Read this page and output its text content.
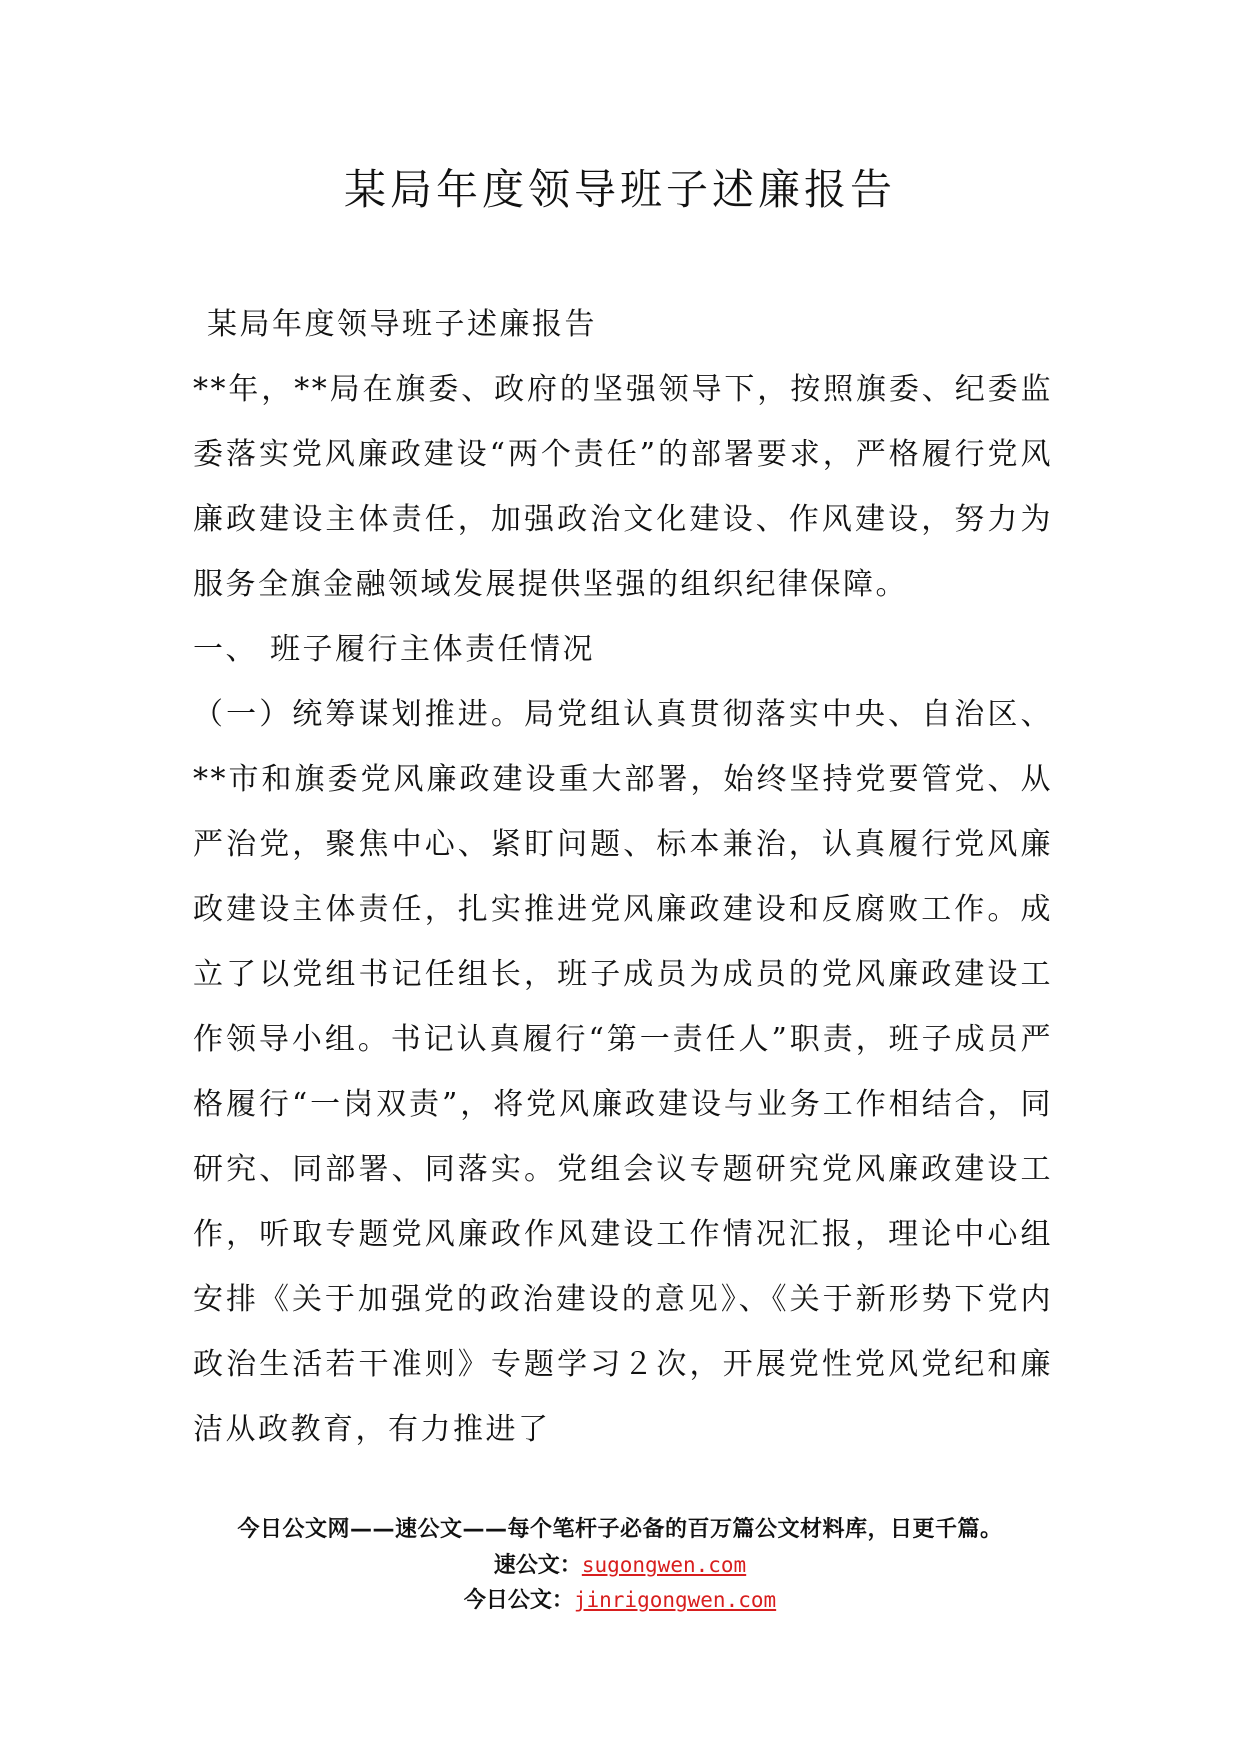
某局年度领导班子述廉报告

某局年度领导班子述廉报告

**年，**局在旗委、政府的坚强领导下，按照旗委、纪委监委落实党风廉政建设“两个责任”的部署要求，严格履行党风廉政建设主体责任，加强政治文化建设、作风建设，努力为服务全旗金融领域发展提供坚强的组织纪律保障。

一、 班子履行主体责任情况

（一）统筹谋划推进。局党组认真贯彻落实中央、自治区、**市和旗委党风廉政建设重大部署，始终坚持党要管党、从严治党，聚焦中心、紧盯问题、标本兼治，认真履行党风廉政建设主体责任，扎实推进党风廉政建设和反腐败工作。成立了以党组书记任组长，班子成员为成员的党风廉政建设工作领导小组。书记认真履行“第一责任人”职责，班子成员严格履行“一岗双责”，将党风廉政建设与业务工作相结合，同研究、同部署、同落实。党组会议专题研究党风廉政建设工作，听取专题党风廉政作风建设工作情况汇报，理论中心组安排《关于加强党的政治建设的意见》、《关于新形势下党内政治生活若干准则》专题学习２次，开展党性党风党纪和廉洁从政教育，有力推进了

今日公文网——速公文——每个笔杆子必备的百万篇公文材料库，日更千篇。

速公文：sugongwen.com

今日公文：jinrigongwen.com
